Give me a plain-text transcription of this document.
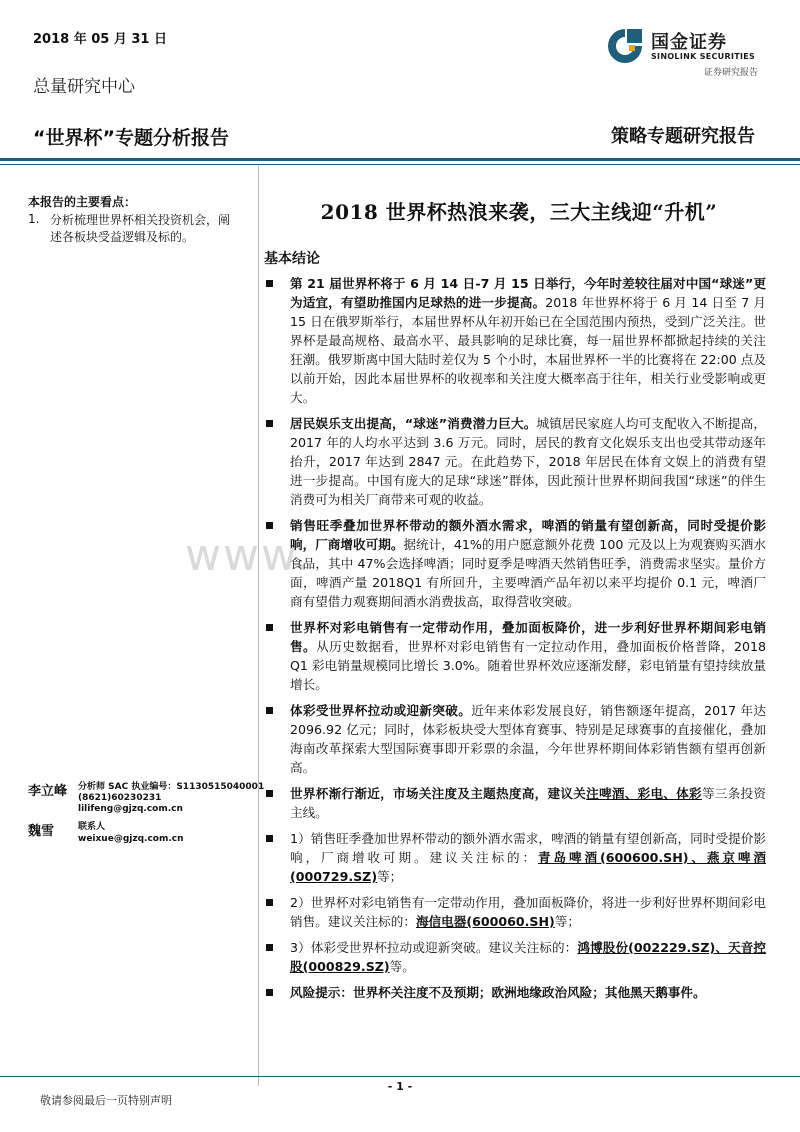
2018 年 05 月 31 日	国金证券
SINOLINK SECURITIES
证券研究报告
总量研究中心
“世界杯”专题分析报告	策略专题研究报告
本报告的主要看点：
1. 分析梳理世界杯相关投资机会，阐述各板块受益逻辑及标的。
李立峰 分析师 SAC 执业编号：S1130515040001
(8621)60230231
lilifeng@gjzq.com.cn
魏雪	联系人
weixue@gjzq.com.cn
2018 世界杯热浪来袭，三大主线迎“升机”
基本结论
www.
第 21 届世界杯将于 6 月 14 日-7 月 15 日举行，今年时差较往届对中国“球迷”更为适宜，有望助推国内足球热的进一步提高。2018 年世界杯将于 6 月 14 日至 7 月 15 日在俄罗斯举行，本届世界杯从年初开始已在全国范围内预热，受到广泛关注。世界杯是最高规格、最高水平、最具影响的足球比赛，每一届世界杯都掀起持续的关注狂潮。俄罗斯离中国大陆时差仅为 5 个小时，本届世界杯一半的比赛将在 22:00 点及以前开始，因此本届世界杯的收视率和关注度大概率高于往年，相关行业受影响或更大。
居民娱乐支出提高，“球迷”消费潜力巨大。城镇居民家庭人均可支配收入不断提高， 2017 年的人均水平达到 3.6 万元。同时，居民的教育文化娱乐支出也受其带动逐年抬升，2017 年达到 2847 元。在此趋势下，2018 年居民在体育文娱上的消费有望进一步提高。中国有庞大的足球“球迷”群体，因此预计世界杯期间我国“球迷”的伴生消费可为相关厂商带来可观的收益。
销售旺季叠加世界杯带动的额外酒水需求，啤酒的销量有望创新高，同时受提价影响，厂商增收可期。据统计，41%的用户愿意额外花费 100 元及以上为观赛购买酒水食品，其中 47%会选择啤酒；同时夏季是啤酒天然销售旺季，消费需求坚实。量价方面，啤酒产量 2018Q1 有所回升，主要啤酒产品年初以来平均提价 0.1 元，啤酒厂商有望借力观赛期间酒水消费拔高，取得营收突破。
世界杯对彩电销售有一定带动作用，叠加面板降价，进一步利好世界杯期间彩电销售。从历史数据看，世界杯对彩电销售有一定拉动作用，叠加面板价格普降，2018 Q1 彩电销量规模同比增长 3.0%。随着世界杯效应逐渐发酵，彩电销量有望持续放量增长。
体彩受世界杯拉动或迎新突破。近年来体彩发展良好，销售额逐年提高，2017 年达 2096.92 亿元；同时，体彩板块受大型体育赛事、特别是足球赛事的直接催化，叠加海南改革探索大型国际赛事即开彩票的余温，今年世界杯期间体彩销售额有望再创新高。
世界杯渐行渐近，市场关注度及主题热度高，建议关注啤酒、彩电、体彩等三条投资主线。
1）销售旺季叠加世界杯带动的额外酒水需求，啤酒的销量有望创新高，同时受提价影响，厂商增收可期。建议关注标的：青岛啤酒(600600.SH)、燕京啤酒(000729.SZ)等；
2）世界杯对彩电销售有一定带动作用，叠加面板降价，将进一步利好世界杯期间彩电销售。建议关注标的：海信电器(600060.SH)等；
3）体彩受世界杯拉动或迎新突破。建议关注标的：鸿博股份(002229.SZ)、天音控股(000829.SZ)等。
风险提示：世界杯关注度不及预期；欧洲地缘政治风险；其他黑天鹅事件。
- 1 -
敬请参阅最后一页特别声明
